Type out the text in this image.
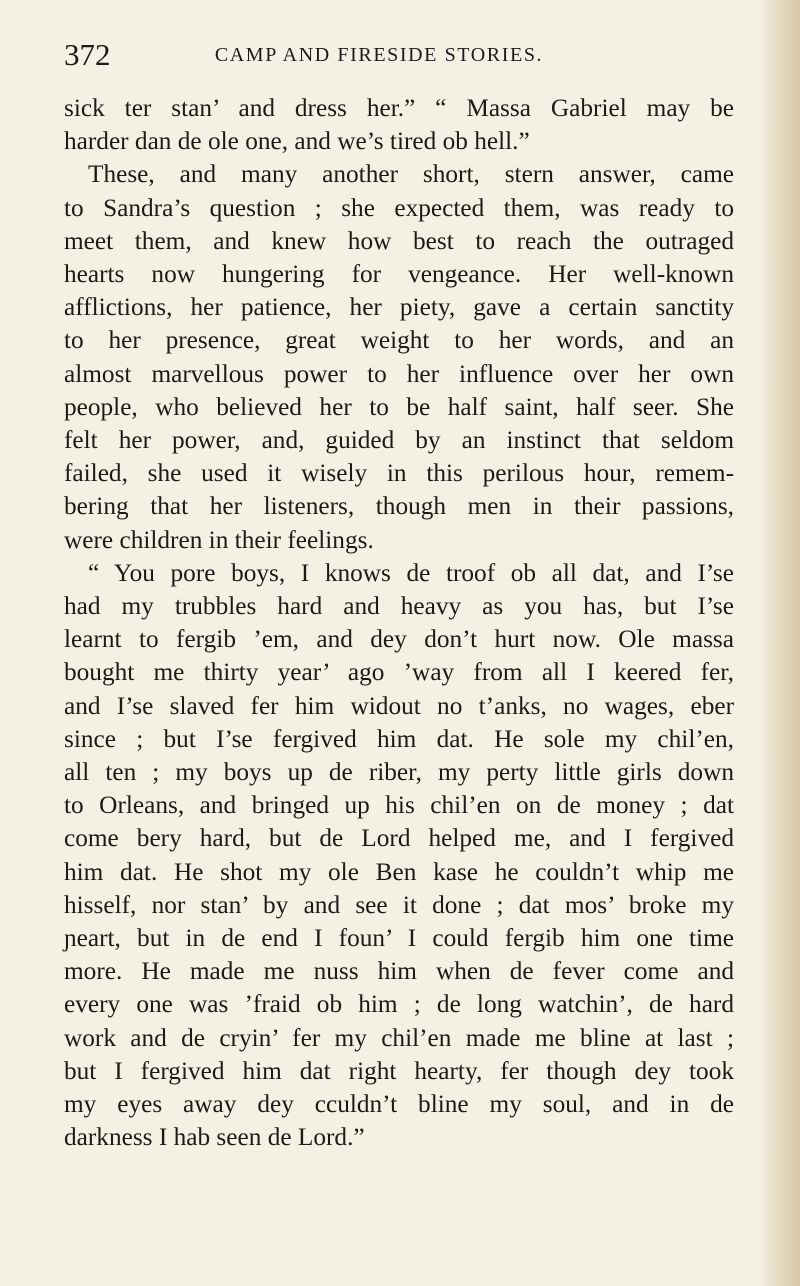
372	CAMP AND FIRESIDE STORIES.

sick ter stan’ and dress her.” “ Massa Gabriel may be

harder dan de ole one, and we’s tired ob hell.”

These, and many another short, stern answer, came

to Sandra’s question ; she expected them, was ready to

meet them, and knew how best to reach the outraged

hearts now hungering for vengeance. Her well-known

afflictions, her patience, her piety, gave a certain sanctity

to her presence, great weight to her words, and an

almost marvellous power to her influence over her own

people, who believed her to be half saint, half seer. She

felt her power, and, guided by an instinct that seldom

failed, she used it wisely in this perilous hour, remem-

bering that her listeners, though men in their passions,

were children in their feelings.

“ You pore boys, I knows de troof ob all dat, and I’se

had my trubbles hard and heavy as you has, but I’se

learnt to fergib ’em, and dey don’t hurt now. Ole massa

bought me thirty year’ ago ’way from all I keered fer,

and I’se slaved fer him widout no t’anks, no wages, eber

since ; but I’se fergived him dat. He sole my chil’en,

all ten ; my boys up de riber, my perty little girls down

to Orleans, and bringed up his chil’en on de money ; dat

come bery hard, but de Lord helped me, and I fergived

him dat. He shot my ole Ben kase he couldn’t whip me

hisself, nor stan’ by and see it done ; dat mos’ broke my

ɲeart, but in de end I foun’ I could fergib him one time

more. He made me nuss him when de fever come and

every one was ’fraid ob him ; de long watchin’, de hard

work and de cryin’ fer my chil’en made me bline at last ;

but I fergived him dat right hearty, fer though dey took

my eyes away dey cculdn’t bline my soul, and in de

darkness I hab seen de Lord.”
